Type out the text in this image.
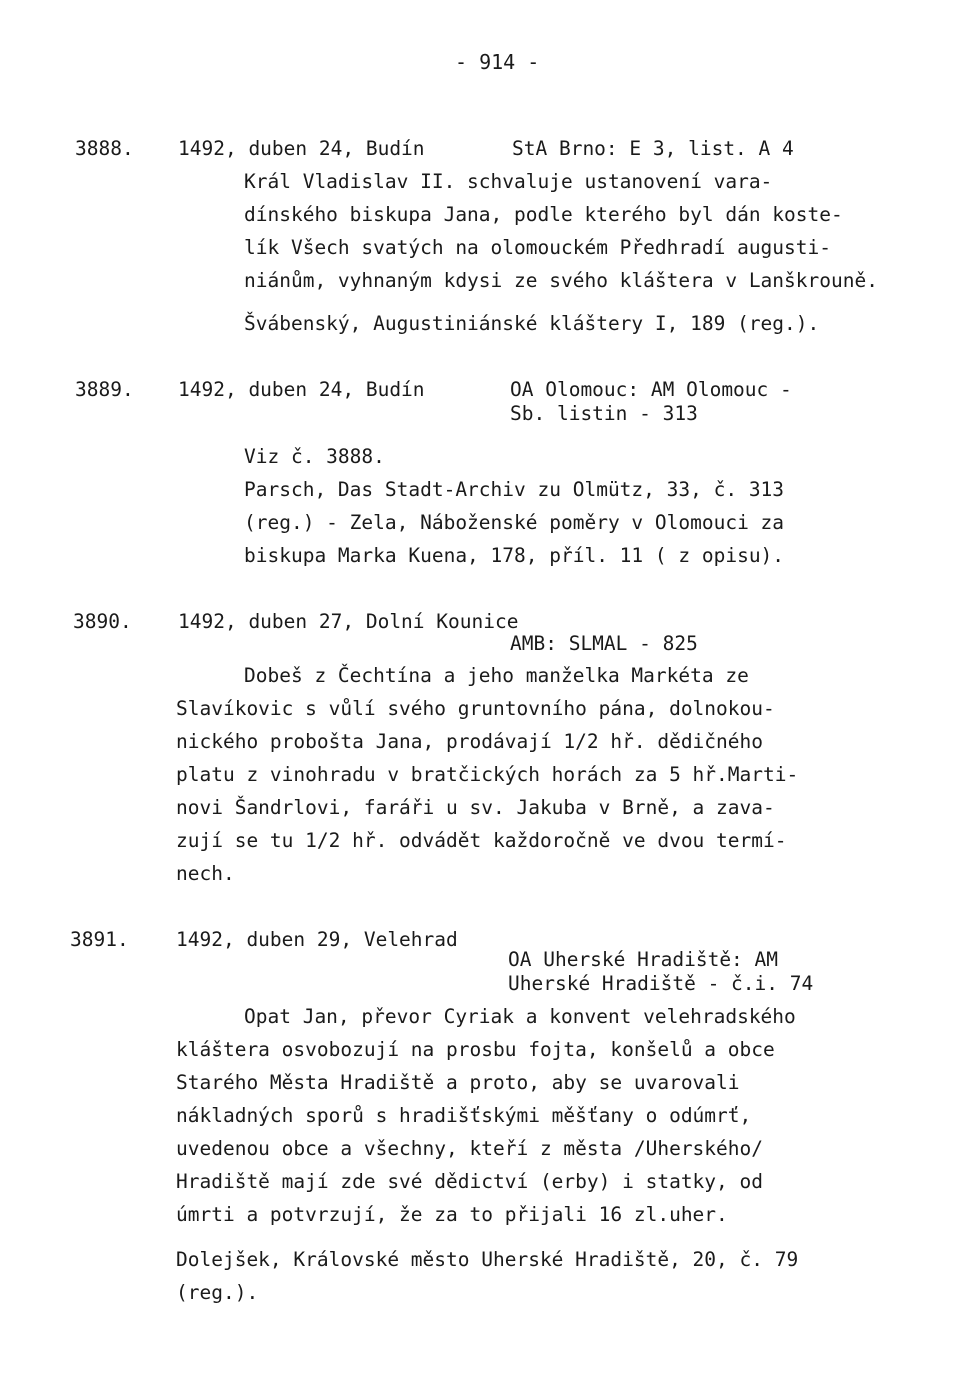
- 914 -
3888. 1492, duben 24, Budín	StA Brno: E 3, list. A 4
Král Vladislav II. schvaluje ustanovení vara-
dínského biskupa Jana, podle kterého byl dán koste-
lík Všech svatých na olomouckém Předhradí augusti-
niánům, vyhnaným kdysi ze svého kláštera v Lanškrouně.
Švábenský, Augustiniánské kláštery I, 189 (reg.).
3889. 1492, duben 24, Budín	OA Olomouc: AM Olomouc -
Sb. listin - 313
Viz č. 3888.
Parsch, Das Stadt-Archiv zu Olmütz, 33, č. 313
(reg.) - Zela, Náboženské poměry v Olomouci za
biskupa Marka Kuena, 178, příl. 11 ( z opisu).
3890. 1492, duben 27, Dolní Kounice
AMB: SLMAL - 825
Dobeš z Čechtína a jeho manželka Markéta ze
Slavíkovic s vůlí svého gruntovního pána, dolnokou-
nického proboštа Jana, prodávají 1/2 hř. dědičného
platu z vinohradu v bratčických horách za 5 hř.Marti-
novi Šandrlovi, faráři u sv. Jakuba v Brně, a zava-
zují se tu 1/2 hř. odvádět každoročně ve dvou termí-
nech.
3891. 1492, duben 29, Velehrad
OA Uherské Hradiště: AM
Uherské Hradiště - č.i. 74
Opat Jan, převor Cyriak a konvent velehradského
kláštera osvobozují na prosbu fojta, konšelů a obce
Starého Města Hradiště a proto, aby se uvarovali
nákladných sporů s hradišťskými měšťany o odúmrť,
uvedenou obce a všechny, kteří z města /Uherského/
Hradiště mají zde své dědictví (erby) i statky, od
úmrti a potvrzují, že za to přijali 16 zl.uher.
Dolejšek, Královské město Uherské Hradiště, 20, č. 79
(reg.).
